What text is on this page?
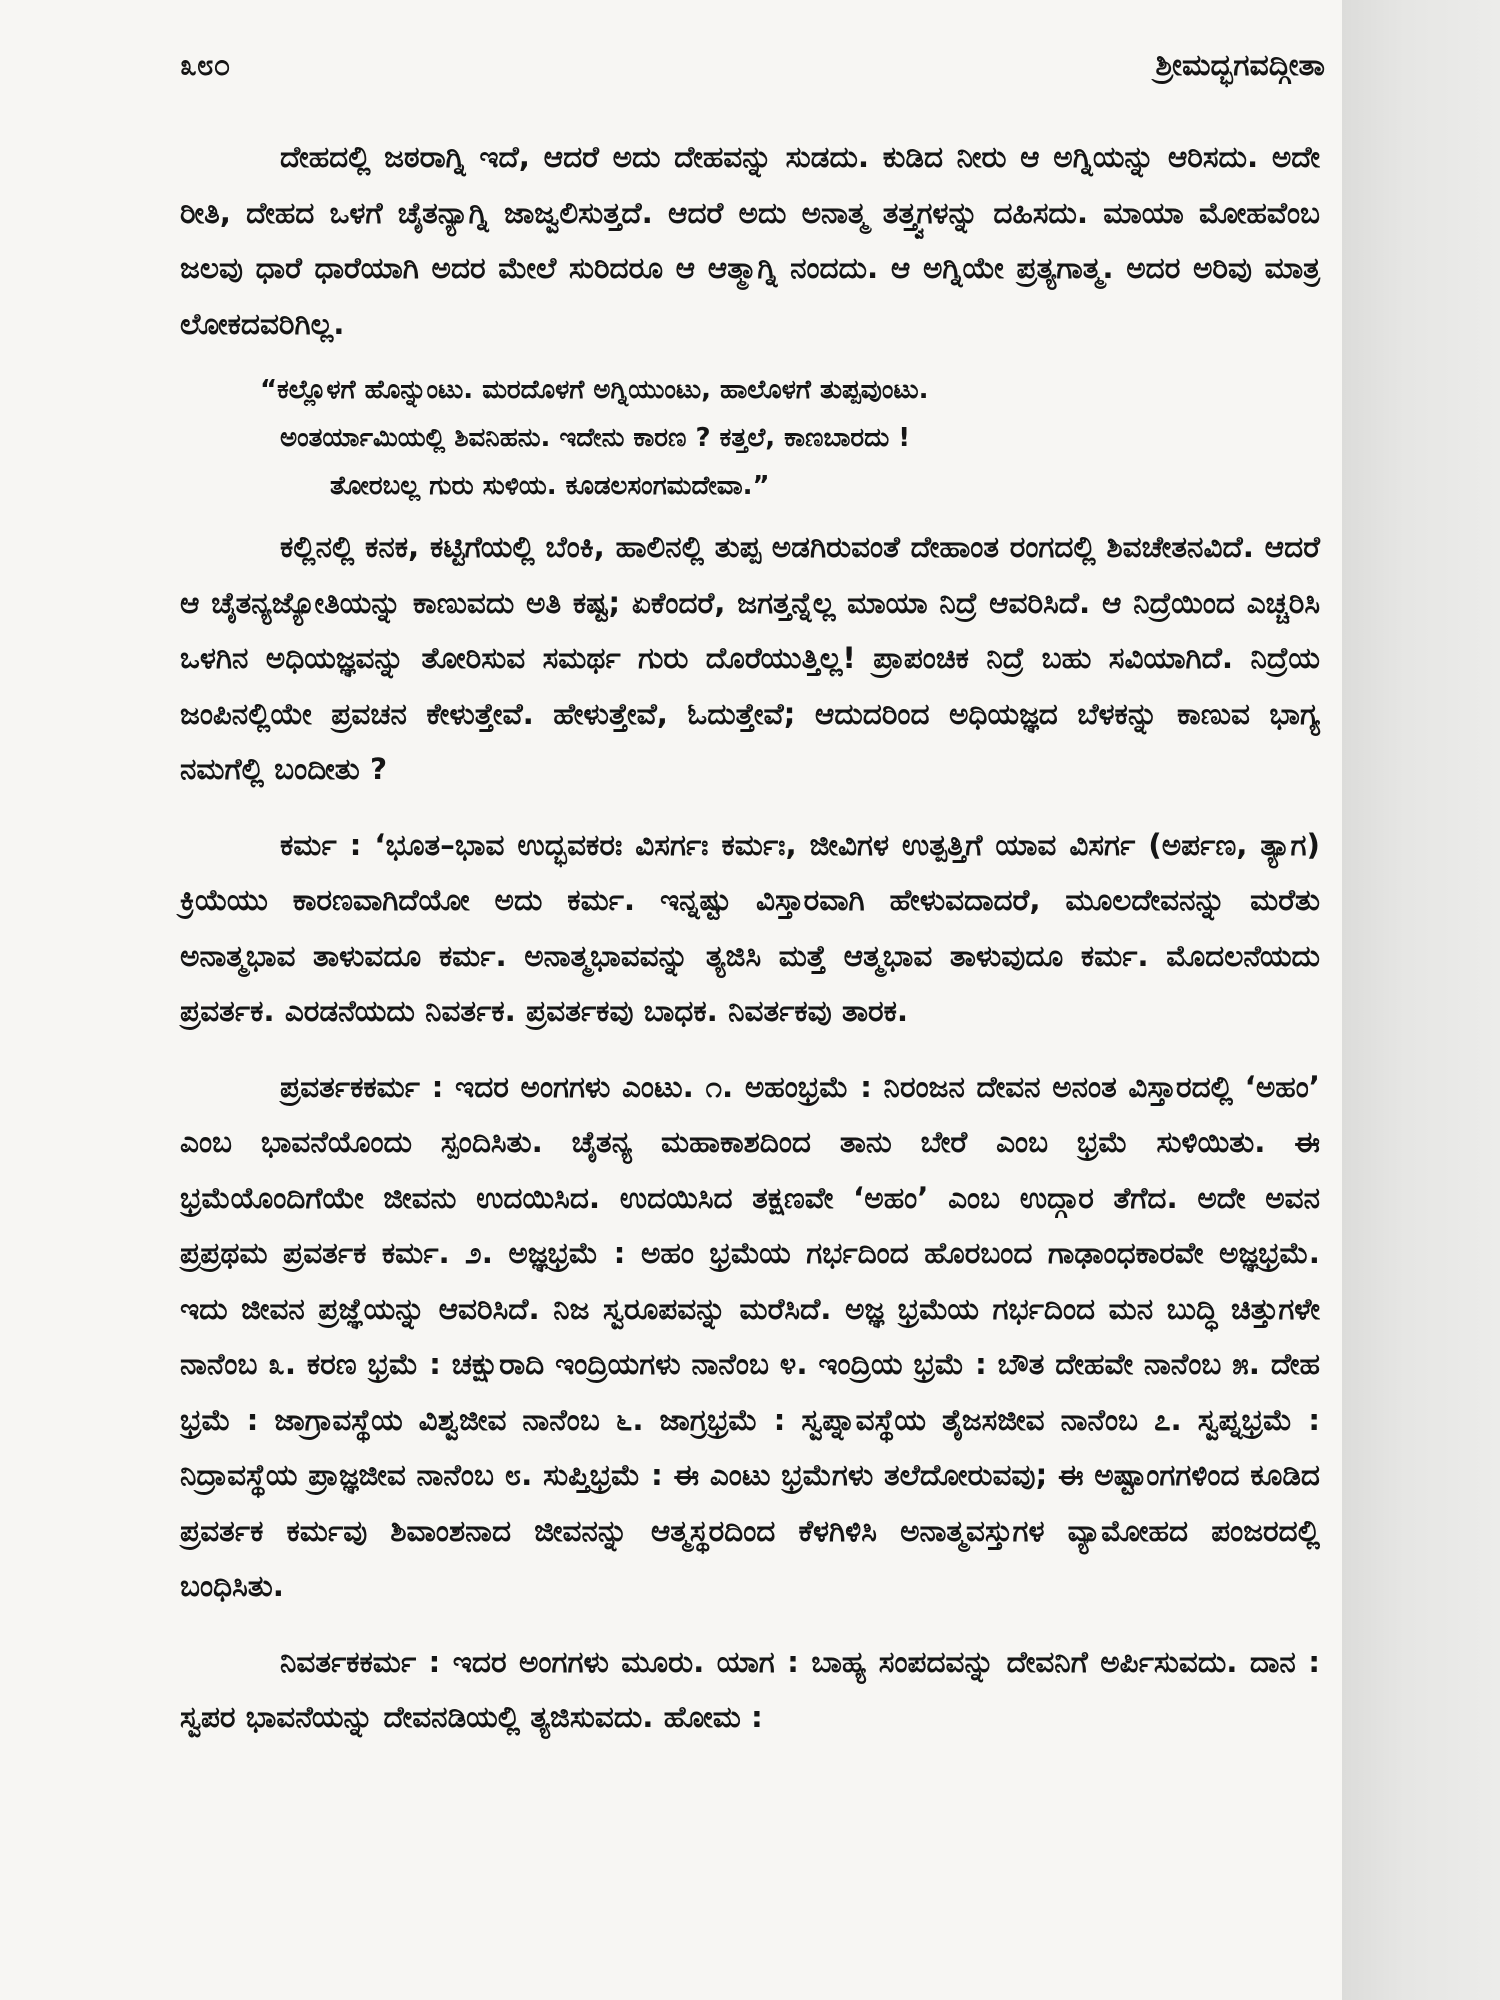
೩೮೦	ಶ್ರೀಮದ್ಭಗವದ್ಗೀತಾ

ದೇಹದಲ್ಲಿ ಜಠರಾಗ್ನಿ ಇದೆ, ಆದರೆ ಅದು ದೇಹವನ್ನು ಸುಡದು. ಕುಡಿದ ನೀರು ಆ ಅಗ್ನಿಯನ್ನು ಆರಿಸದು. ಅದೇ ರೀತಿ, ದೇಹದ ಒಳಗೆ ಚೈತನ್ಯಾಗ್ನಿ ಜಾಜ್ವಲಿಸುತ್ತದೆ. ಆದರೆ ಅದು ಅನಾತ್ಮ ತತ್ತ್ವಗಳನ್ನು ದಹಿಸದು. ಮಾಯಾ ಮೋಹವೆಂಬ ಜಲವು ಧಾರೆ ಧಾರೆಯಾಗಿ ಅದರ ಮೇಲೆ ಸುರಿದರೂ ಆ ಆತ್ಮಾಗ್ನಿ ನಂದದು. ಆ ಅಗ್ನಿಯೇ ಪ್ರತ್ಯಗಾತ್ಮ. ಅದರ ಅರಿವು ಮಾತ್ರ ಲೋಕದವರಿಗಿಲ್ಲ.

“ಕಲ್ಲೊಳಗೆ ಹೊನ್ನುಂಟು. ಮರದೊಳಗೆ ಅಗ್ನಿಯುಂಟು, ಹಾಲೊಳಗೆ ತುಪ್ಪವುಂಟು.
ಅಂತರ್ಯಾಮಿಯಲ್ಲಿ ಶಿವನಿಹನು. ಇದೇನು ಕಾರಣ ? ಕತ್ತಲೆ, ಕಾಣಬಾರದು !
ತೋರಬಲ್ಲ ಗುರು ಸುಳಿಯ. ಕೂಡಲಸಂಗಮದೇವಾ.”

ಕಲ್ಲಿನಲ್ಲಿ ಕನಕ, ಕಟ್ಟಿಗೆಯಲ್ಲಿ ಬೆಂಕಿ, ಹಾಲಿನಲ್ಲಿ ತುಪ್ಪ ಅಡಗಿರುವಂತೆ ದೇಹಾಂತ ರಂಗದಲ್ಲಿ ಶಿವಚೇತನವಿದೆ. ಆದರೆ ಆ ಚೈತನ್ಯಜ್ಯೋತಿಯನ್ನು ಕಾಣುವದು ಅತಿ ಕಷ್ಟ; ಏಕೆಂದರೆ, ಜಗತ್ತನ್ನೆಲ್ಲ ಮಾಯಾ ನಿದ್ರೆ ಆವರಿಸಿದೆ. ಆ ನಿದ್ರೆಯಿಂದ ಎಚ್ಚರಿಸಿ ಒಳಗಿನ ಅಧಿಯಜ್ಞವನ್ನು ತೋರಿಸುವ ಸಮರ್ಥ ಗುರು ದೊರೆಯುತ್ತಿಲ್ಲ! ಪ್ರಾಪಂಚಿಕ ನಿದ್ರೆ ಬಹು ಸವಿಯಾಗಿದೆ. ನಿದ್ರೆಯ ಜಂಪಿನಲ್ಲಿಯೇ ಪ್ರವಚನ ಕೇಳುತ್ತೇವೆ. ಹೇಳುತ್ತೇವೆ, ಓದುತ್ತೇವೆ; ಆದುದರಿಂದ ಅಧಿಯಜ್ಞದ ಬೆಳಕನ್ನು ಕಾಣುವ ಭಾಗ್ಯ ನಮಗೆಲ್ಲಿ ಬಂದೀತು ?

ಕರ್ಮ : ‘ಭೂತ–ಭಾವ ಉದ್ಭವಕರಃ ವಿಸರ್ಗಃ ಕರ್ಮಃ, ಜೀವಿಗಳ ಉತ್ಪತ್ತಿಗೆ ಯಾವ ವಿಸರ್ಗ (ಅರ್ಪಣ, ತ್ಯಾಗ) ಕ್ರಿಯೆಯು ಕಾರಣವಾಗಿದೆಯೋ ಅದು ಕರ್ಮ. ಇನ್ನಷ್ಟು ವಿಸ್ತಾರವಾಗಿ ಹೇಳುವದಾದರೆ, ಮೂಲದೇವನನ್ನು ಮರೆತು ಅನಾತ್ಮಭಾವ ತಾಳುವದೂ ಕರ್ಮ. ಅನಾತ್ಮಭಾವವನ್ನು ತ್ಯಜಿಸಿ ಮತ್ತೆ ಆತ್ಮಭಾವ ತಾಳುವುದೂ ಕರ್ಮ. ಮೊದಲನೆಯದು ಪ್ರವರ್ತಕ. ಎರಡನೆಯದು ನಿವರ್ತಕ. ಪ್ರವರ್ತಕವು ಬಾಧಕ. ನಿವರ್ತಕವು ತಾರಕ.

ಪ್ರವರ್ತಕಕರ್ಮ : ಇದರ ಅಂಗಗಳು ಎಂಟು. ೧. ಅಹಂಭ್ರಮೆ : ನಿರಂಜನ ದೇವನ ಅನಂತ ವಿಸ್ತಾರದಲ್ಲಿ ‘ಅಹಂ’ ಎಂಬ ಭಾವನೆಯೊಂದು ಸ್ಪಂದಿಸಿತು. ಚೈತನ್ಯ ಮಹಾಕಾಶದಿಂದ ತಾನು ಬೇರೆ ಎಂಬ ಭ್ರಮೆ ಸುಳಿಯಿತು. ಈ ಭ್ರಮೆಯೊಂದಿಗೆಯೇ ಜೀವನು ಉದಯಿಸಿದ. ಉದಯಿಸಿದ ತಕ್ಷಣವೇ ‘ಅಹಂ’ ಎಂಬ ಉದ್ಗಾರ ತೆಗೆದ. ಅದೇ ಅವನ ಪ್ರಪ್ರಥಮ ಪ್ರವರ್ತಕ ಕರ್ಮ. ೨. ಅಜ್ಞಭ್ರಮೆ : ಅಹಂ ಭ್ರಮೆಯ ಗರ್ಭದಿಂದ ಹೊರಬಂದ ಗಾಢಾಂಧಕಾರವೇ ಅಜ್ಞಭ್ರಮೆ. ಇದು ಜೀವನ ಪ್ರಜ್ಞೆಯನ್ನು ಆವರಿಸಿದೆ. ನಿಜ ಸ್ವರೂಪವನ್ನು ಮರೆಸಿದೆ. ಅಜ್ಞ ಭ್ರಮೆಯ ಗರ್ಭದಿಂದ ಮನ ಬುದ್ಧಿ ಚಿತ್ತುಗಳೇ ನಾನೆಂಬ ೩. ಕರಣ ಭ್ರಮೆ : ಚಕ್ಷುರಾದಿ ಇಂದ್ರಿಯಗಳು ನಾನೆಂಬ ೪. ಇಂದ್ರಿಯ ಭ್ರಮೆ : ಬೌತ ದೇಹವೇ ನಾನೆಂಬ ೫. ದೇಹ ಭ್ರಮೆ : ಜಾಗ್ರಾವಸ್ಥೆಯ ವಿಶ್ವಜೀವ ನಾನೆಂಬ ೬. ಜಾಗ್ರಭ್ರಮೆ : ಸ್ವಪ್ನಾವಸ್ಥೆಯ ತೈಜಸಜೀವ ನಾನೆಂಬ ೭. ಸ್ವಪ್ನಭ್ರಮೆ : ನಿದ್ರಾವಸ್ಥೆಯ ಪ್ರಾಜ್ಞಜೀವ ನಾನೆಂಬ ೮. ಸುಪ್ತಿಭ್ರಮೆ : ಈ ಎಂಟು ಭ್ರಮೆಗಳು ತಲೆದೋರುವವು; ಈ ಅಷ್ಟಾಂಗಗಳಿಂದ ಕೂಡಿದ ಪ್ರವರ್ತಕ ಕರ್ಮವು ಶಿವಾಂಶನಾದ ಜೀವನನ್ನು ಆತ್ಮಸ್ಥರದಿಂದ ಕೆಳಗಿಳಿಸಿ ಅನಾತ್ಮವಸ್ತುಗಳ ವ್ಯಾಮೋಹದ ಪಂಜರದಲ್ಲಿ ಬಂಧಿಸಿತು.

ನಿವರ್ತಕಕರ್ಮ : ಇದರ ಅಂಗಗಳು ಮೂರು. ಯಾಗ : ಬಾಹ್ಯ ಸಂಪದವನ್ನು ದೇವನಿಗೆ ಅರ್ಪಿಸುವದು. ದಾನ : ಸ್ವಪರ ಭಾವನೆಯನ್ನು ದೇವನಡಿಯಲ್ಲಿ ತ್ಯಜಿಸುವದು. ಹೋಮ :
